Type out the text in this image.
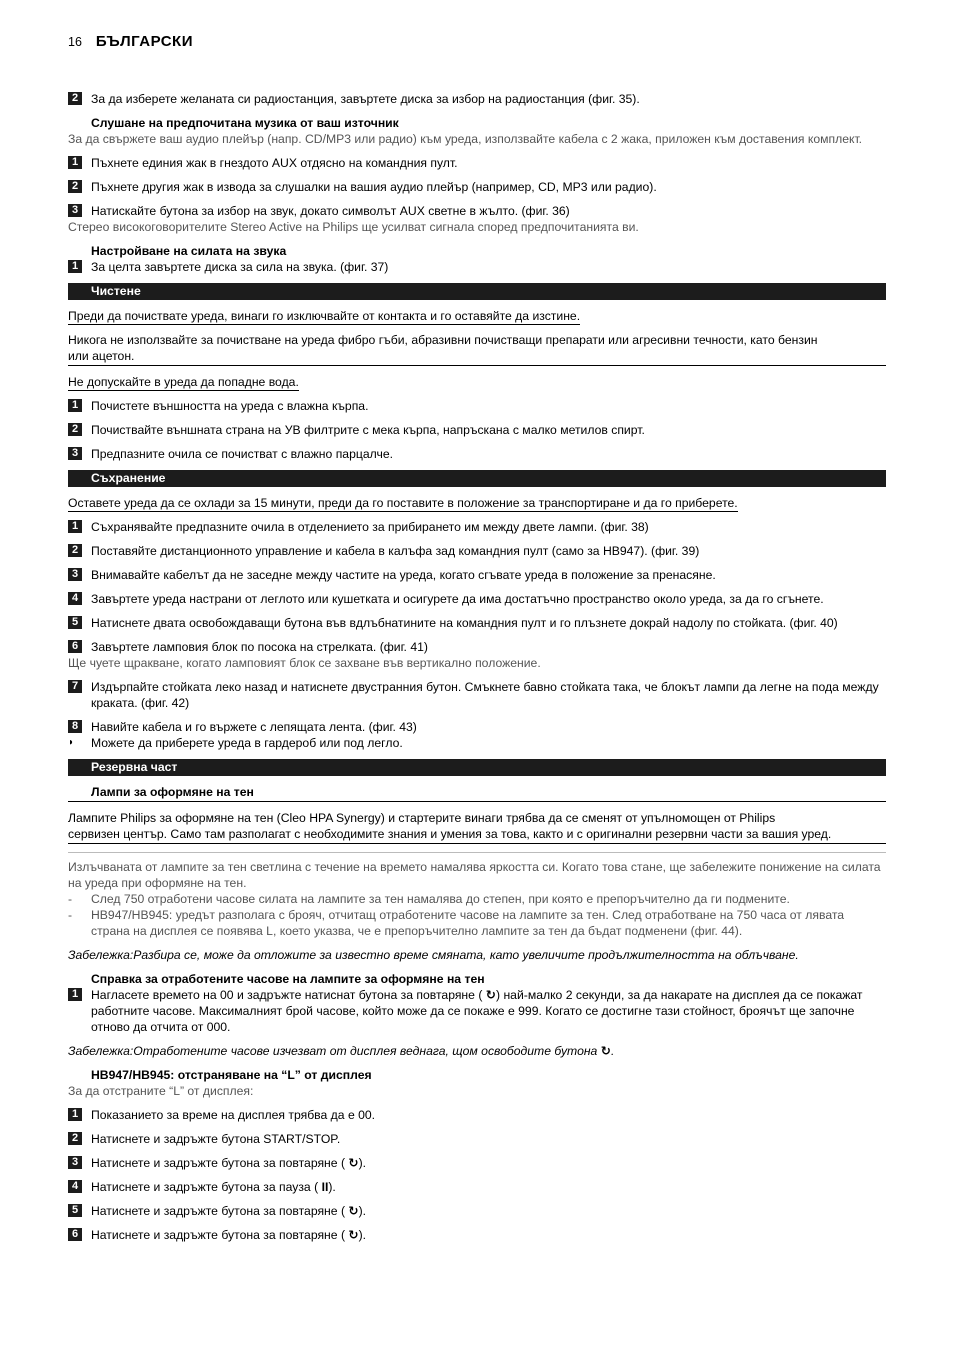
16 БЪЛГАРСКИ
2	За да изберете желаната си радиостанция, завъртете диска за избор на радиостанция (фиг. 35).
Слушане на предпочитана музика от ваш източник
За да свържете ваш аудио плейър (напр. CD/MP3 или радио) към уреда, използвайте кабела с 2 жака, приложен към доставения комплект.
1	Пъхнете единия жак в гнездото AUX отдясно на командния пулт.
2	Пъхнете другия жак в извода за слушалки на вашия аудио плейър (например, CD, MP3 или радио).
3	Натискайте бутона за избор на звук, докато символът AUX светне в жълто. (фиг. 36)
Стерео високоговорителите Stereo Active на Philips ще усилват сигнала според предпочитанията ви.
Настройване на силата на звука
1	За целта завъртете диска за сила на звука. (фиг. 37)
Чистене
Преди да почиствате уреда, винаги го изключвайте от контакта и го оставяйте да изстине.
Никога не използвайте за почистване на уреда фибро гъби, абразивни почистващи препарати или агресивни течности, като бензин
или ацетон.
Не допускайте в уреда да попадне вода.
1	Почистете външността на уреда с влажна кърпа.
2	Почиствайте външната страна на УВ филтрите с мека кърпа, напръскана с малко метилов спирт.
3	Предпазните очила се почистват с влажно парцалче.
Съхранение
Оставете уреда да се охлади за 15 минути, преди да го поставите в положение за транспортиране и да го приберете.
1	Съхранявайте предпазните очила в отделението за прибирането им между двете лампи. (фиг. 38)
2	Поставяйте дистанционното управление и кабела в калъфа зад командния пулт (само за HB947). (фиг. 39)
3	Внимавайте кабелът да не заседне между частите на уреда, когато сгъвате уреда в положение за пренасяне.
4	Завъртете уреда настрани от леглото или кушетката и осигурете да има достатъчно пространство около уреда, за да го сгънете.
5	Натиснете двата освобождаващи бутона във вдлъбнатините на командния пулт и го плъзнете докрай надолу по стойката. (фиг. 40)
6	Завъртете ламповия блок по посока на стрелката. (фиг. 41)
Ще чуете щракване, когато ламповият блок се захване във вертикално положение.
7	Издърпайте стойката леко назад и натиснете двустранния бутон. Смъкнете бавно стойката така, че блокът лампи да легне на пода между краката. (фиг. 42)
8	Навийте кабела и го вържете с лепящата лента. (фиг. 43)
◗	Можете да приберете уреда в гардероб или под легло.
Резервна част
Лампи за оформяне на тен
Лампите Philips за оформяне на тен (Cleo HPA Synergy) и стартерите винаги трябва да се сменят от упълномощен от Philips
сервизен център. Само там разполагат с необходимите знания и умения за това, както и с оригинални резервни части за вашия уред.
Излъчваната от лампите за тен светлина с течение на времето намалява яркостта си. Когато това стане, ще забележите понижение на силата на уреда при оформяне на тен.
-	След 750 отработени часове силата на лампите за тен намалява до степен, при която е препоръчително да ги подмените.
-	HB947/HB945: уредът разполага с брояч, отчитащ отработените часове на лампите за тен. След отработване на 750 часа от лявата страна на дисплея се появява L, което указва, че е препоръчително лампите за тен да бъдат подменени (фиг. 44).
Забележка:Разбира се, може да отложите за известно време смяната, като увеличите продължителността на облъчване.
Справка за отработените часове на лампите за оформяне на тен
1	Нагласете времето на 00 и задръжте натиснат бутона за повтаряне ( ↻) най-малко 2 секунди, за да накарате на дисплея да се покажат работните часове. Максималният брой часове, който може да се покаже е 999. Когато се достигне тази стойност, броячът ще започне отново да отчита от 000.
Забележка:Отработените часове изчезват от дисплея веднага, щом освободите бутона ↻.
HB947/HB945: отстраняване на “L” от дисплея
За да отстраните “L” от дисплея:
1	Показанието за време на дисплея трябва да е 00.
2	Натиснете и задръжте бутона START/STOP.
3	Натиснете и задръжте бутона за повтаряне ( ↻).
4	Натиснете и задръжте бутона за пауза ( II).
5	Натиснете и задръжте бутона за повтаряне ( ↻).
6	Натиснете и задръжте бутона за повтаряне ( ↻).
